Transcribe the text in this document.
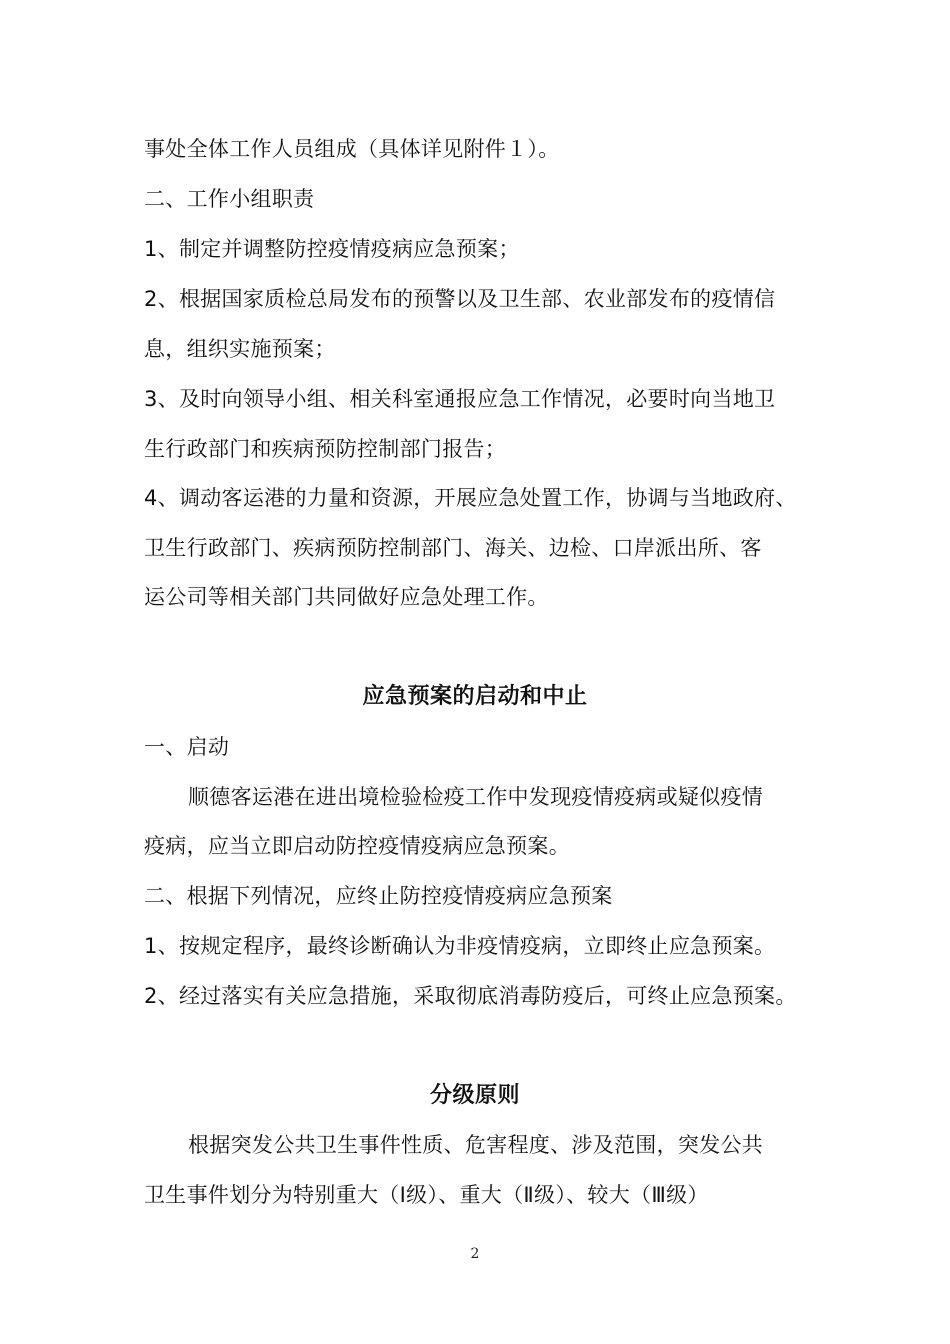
事处全体工作人员组成（具体详见附件１）。
二、工作小组职责
1、制定并调整防控疫情疫病应急预案；
2、根据国家质检总局发布的预警以及卫生部、农业部发布的疫情信
息，组织实施预案；
3、及时向领导小组、相关科室通报应急工作情况，必要时向当地卫
生行政部门和疾病预防控制部门报告；
4、调动客运港的力量和资源，开展应急处置工作，协调与当地政府、
卫生行政部门、疾病预防控制部门、海关、边检、口岸派出所、客
运公司等相关部门共同做好应急处理工作。
应急预案的启动和中止
一、启动
顺德客运港在进出境检验检疫工作中发现疫情疫病或疑似疫情
疫病，应当立即启动防控疫情疫病应急预案。
二、根据下列情况，应终止防控疫情疫病应急预案
1、按规定程序，最终诊断确认为非疫情疫病，立即终止应急预案。
2、经过落实有关应急措施，采取彻底消毒防疫后，可终止应急预案。
分级原则
根据突发公共卫生事件性质、危害程度、涉及范围，突发公共
卫生事件划分为特别重大（Ⅰ级）、重大（Ⅱ级）、较大（Ⅲ级）
2
